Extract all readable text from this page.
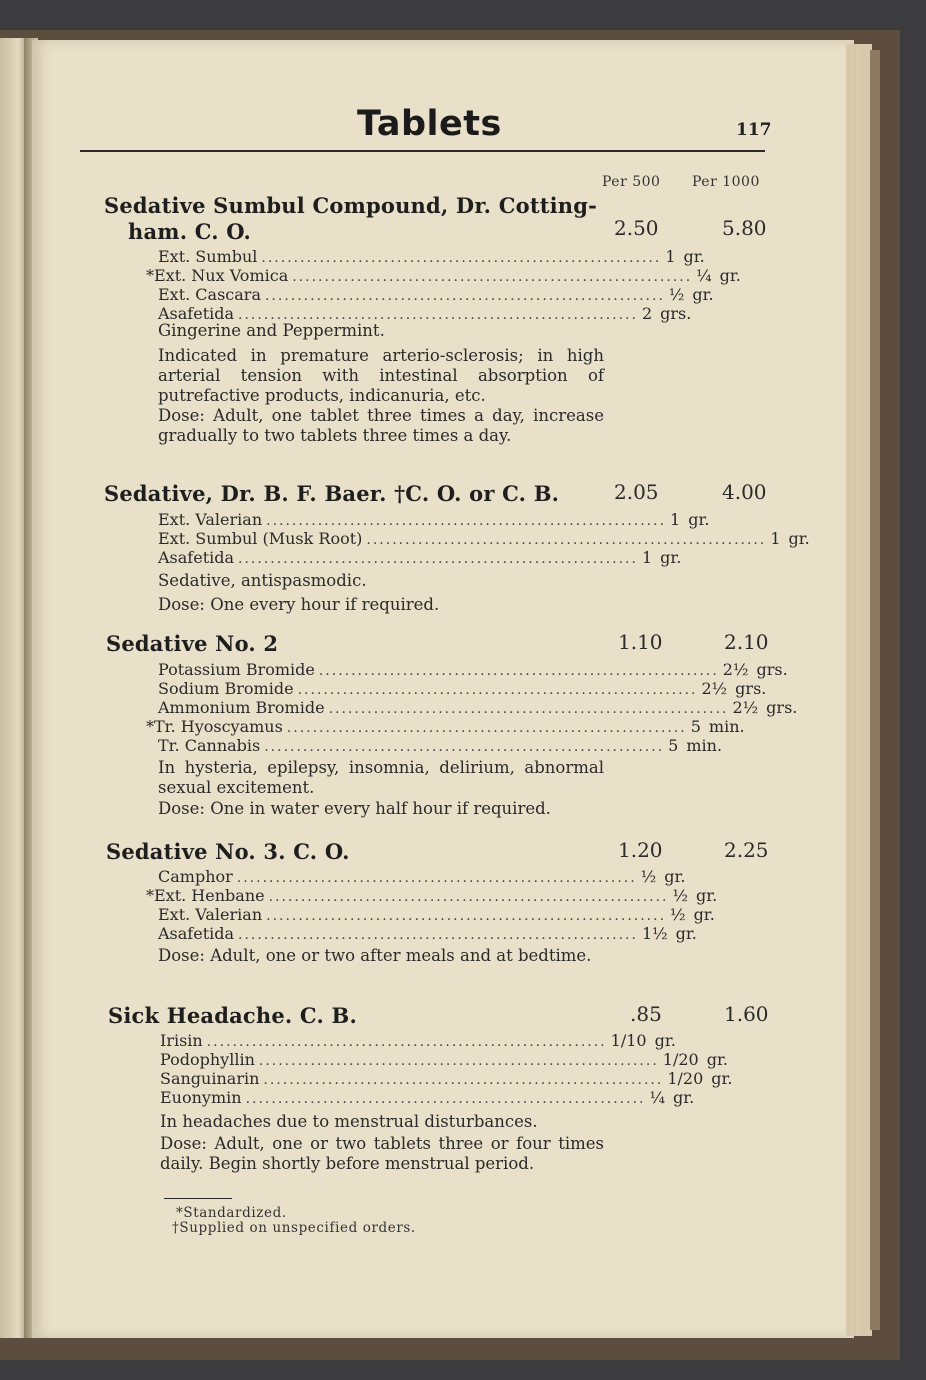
Tablets	117
Per 500 Per 1000
Sedative Sumbul Compound, Dr. Cotting-
ham. C. O.	2.50	5.80
Ext. Sumbul .............................................................. 1 gr.
*Ext. Nux Vomica .............................................................. ¼ gr.
Ext. Cascara .............................................................. ½ gr.
Asafetida .............................................................. 2 grs.
Gingerine and Peppermint.
Indicated in premature arterio-sclerosis; in high arterial tension with intestinal absorption of putrefactive products, indicanuria, etc.
Dose: Adult, one tablet three times a day, increase gradually to two tablets three times a day.
Sedative, Dr. B. F. Baer. †C. O. or C. B.	2.05	4.00
Ext. Valerian .............................................................. 1 gr.
Ext. Sumbul (Musk Root) .............................................................. 1 gr.
Asafetida .............................................................. 1 gr.
Sedative, antispasmodic.
Dose: One every hour if required.
Sedative No. 2	1.10	2.10
Potassium Bromide .............................................................. 2½ grs.
Sodium Bromide .............................................................. 2½ grs.
Ammonium Bromide .............................................................. 2½ grs.
*Tr. Hyoscyamus .............................................................. 5 min.
Tr. Cannabis .............................................................. 5 min.
In hysteria, epilepsy, insomnia, delirium, abnormal sexual excitement.
Dose: One in water every half hour if required.
Sedative No. 3. C. O.	1.20	2.25
Camphor .............................................................. ½ gr.
*Ext. Henbane .............................................................. ½ gr.
Ext. Valerian .............................................................. ½ gr.
Asafetida .............................................................. 1½ gr.
Dose: Adult, one or two after meals and at bedtime.
Sick Headache. C. B.	.85	1.60
Irisin .............................................................. 1/10 gr.
Podophyllin .............................................................. 1/20 gr.
Sanguinarin .............................................................. 1/20 gr.
Euonymin .............................................................. ¼ gr.
In headaches due to menstrual disturbances.
Dose: Adult, one or two tablets three or four times daily. Begin shortly before menstrual period.
*Standardized.
†Supplied on unspecified orders.
